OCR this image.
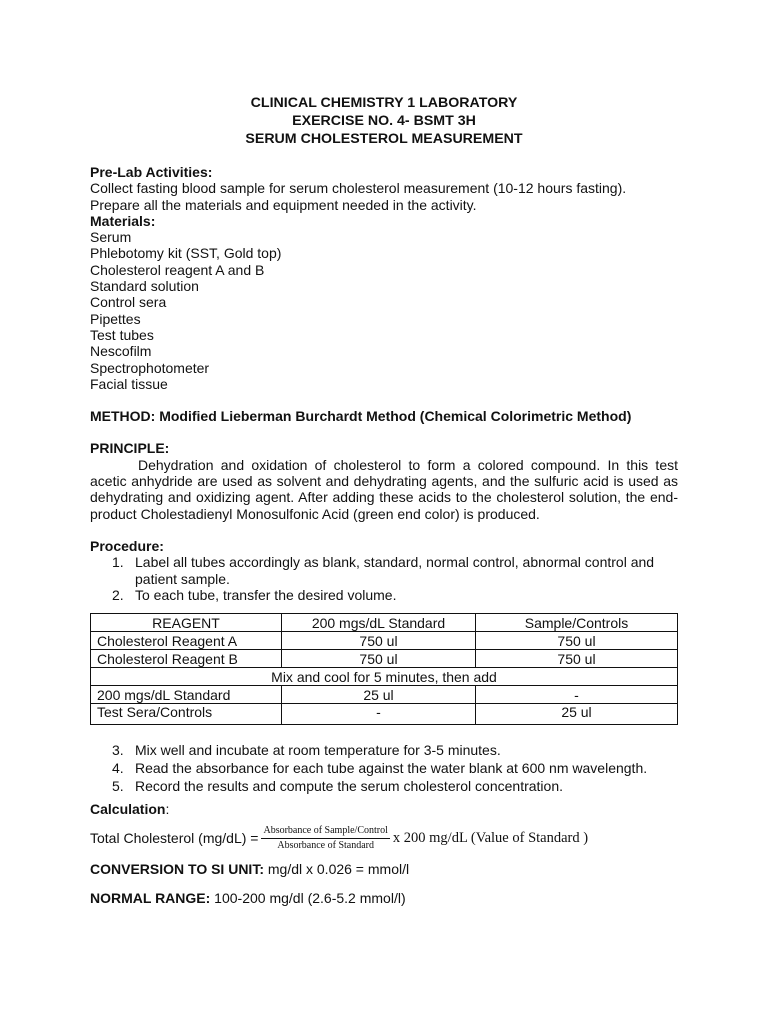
CLINICAL CHEMISTRY 1 LABORATORY
EXERCISE NO. 4- BSMT 3H
SERUM CHOLESTEROL MEASUREMENT
Pre-Lab Activities:
Collect fasting blood sample for serum cholesterol measurement (10-12 hours fasting). Prepare all the materials and equipment needed in the activity.
Materials:
Serum
Phlebotomy kit (SST, Gold top)
Cholesterol reagent A and B
Standard solution
Control sera
Pipettes
Test tubes
Nescofilm
Spectrophotometer
Facial tissue
METHOD: Modified Lieberman Burchardt Method (Chemical Colorimetric Method)
PRINCIPLE:
Dehydration and oxidation of cholesterol to form a colored compound. In this test acetic anhydride are used as solvent and dehydrating agents, and the sulfuric acid is used as dehydrating and oxidizing agent. After adding these acids to the cholesterol solution, the end-product Cholestadienyl Monosulfonic Acid (green end color) is produced.
Procedure:
1. Label all tubes accordingly as blank, standard, normal control, abnormal control and patient sample.
2. To each tube, transfer the desired volume.
REAGENT	200 mgs/dL Standard	Sample/Controls
Cholesterol Reagent A	750 ul	750 ul
Cholesterol Reagent B	750 ul	750 ul
Mix and cool for 5 minutes, then add		
200 mgs/dL Standard	25 ul	-
Test Sera/Controls	-	25 ul
3. Mix well and incubate at room temperature for 3-5 minutes.
4. Read the absorbance for each tube against the water blank at 600 nm wavelength.
5. Record the results and compute the serum cholesterol concentration.
Calculation:
Total Cholesterol $(mg/dL) = \frac{\text{Absorbance of Sample/Control}}{\text{Absorbance of Standard}}$ x 200 mg/dL (Value of Standard )
CONVERSION TO SI UNIT: mg/dl x 0.026 = mmol/l
NORMAL RANGE: 100-200 mg/dl (2.6-5.2 mmol/l)
